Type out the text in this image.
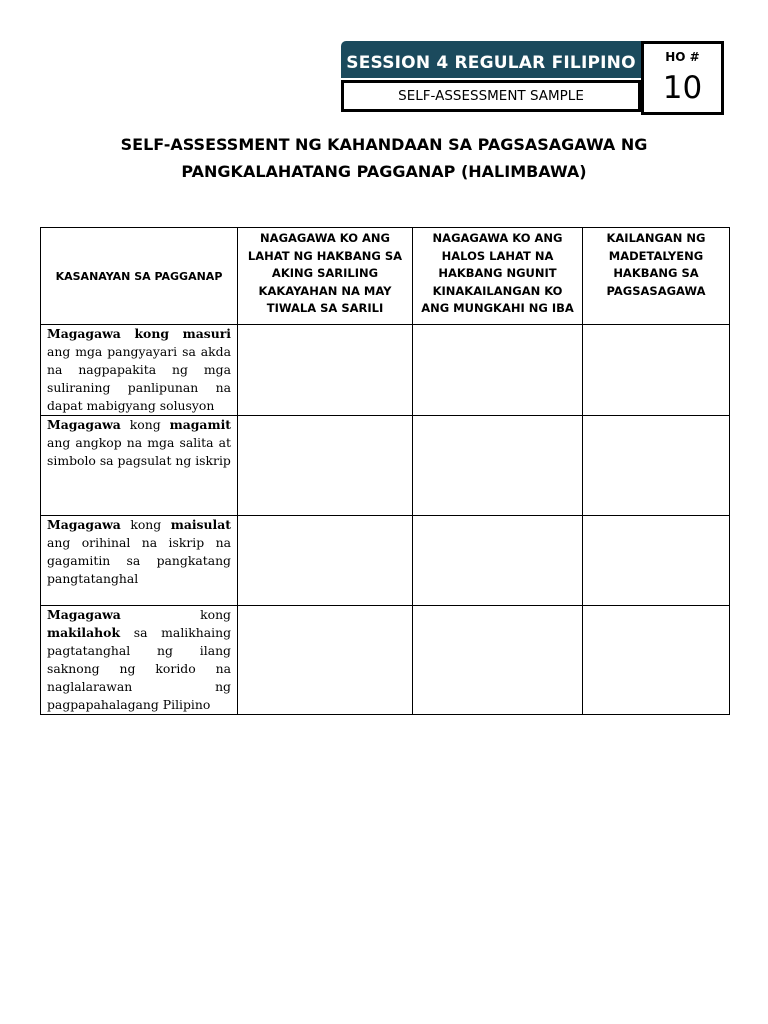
SESSION 4 REGULAR FILIPINO
SELF-ASSESSMENT SAMPLE
HO #
10
SELF-ASSESSMENT NG KAHANDAAN SA PAGSASAGAWA NG
PANGKALAHATANG PAGGANAP (HALIMBAWA)
KASANAYAN SA PAGGANAP	NAGAGAWA KO ANG LAHAT NG HAKBANG SA AKING SARILING KAKAYAHAN NA MAY TIWALA SA SARILI	NAGAGAWA KO ANG HALOS LAHAT NA HAKBANG NGUNIT KINAKAILANGAN KO ANG MUNGKAHI NG IBA	KAILANGAN NG MADETALYENG HAKBANG SA PAGSASAGAWA
Magagawa kong masuri ang mga pangyayari sa akda na nagpapakita ng mga suliraning panlipunan na dapat mabigyang solusyon			
Magagawa kong magamit ang angkop na mga salita at simbolo sa pagsulat ng iskrip			
Magagawa kong maisulat ang orihinal na iskrip na gagamitin sa pangkatang pangtatanghal			
Magagawa kong makilahok sa malikhaing pagtatanghal ng ilang saknong ng korido na naglalarawan ng pagpapahalagang Pilipino			
